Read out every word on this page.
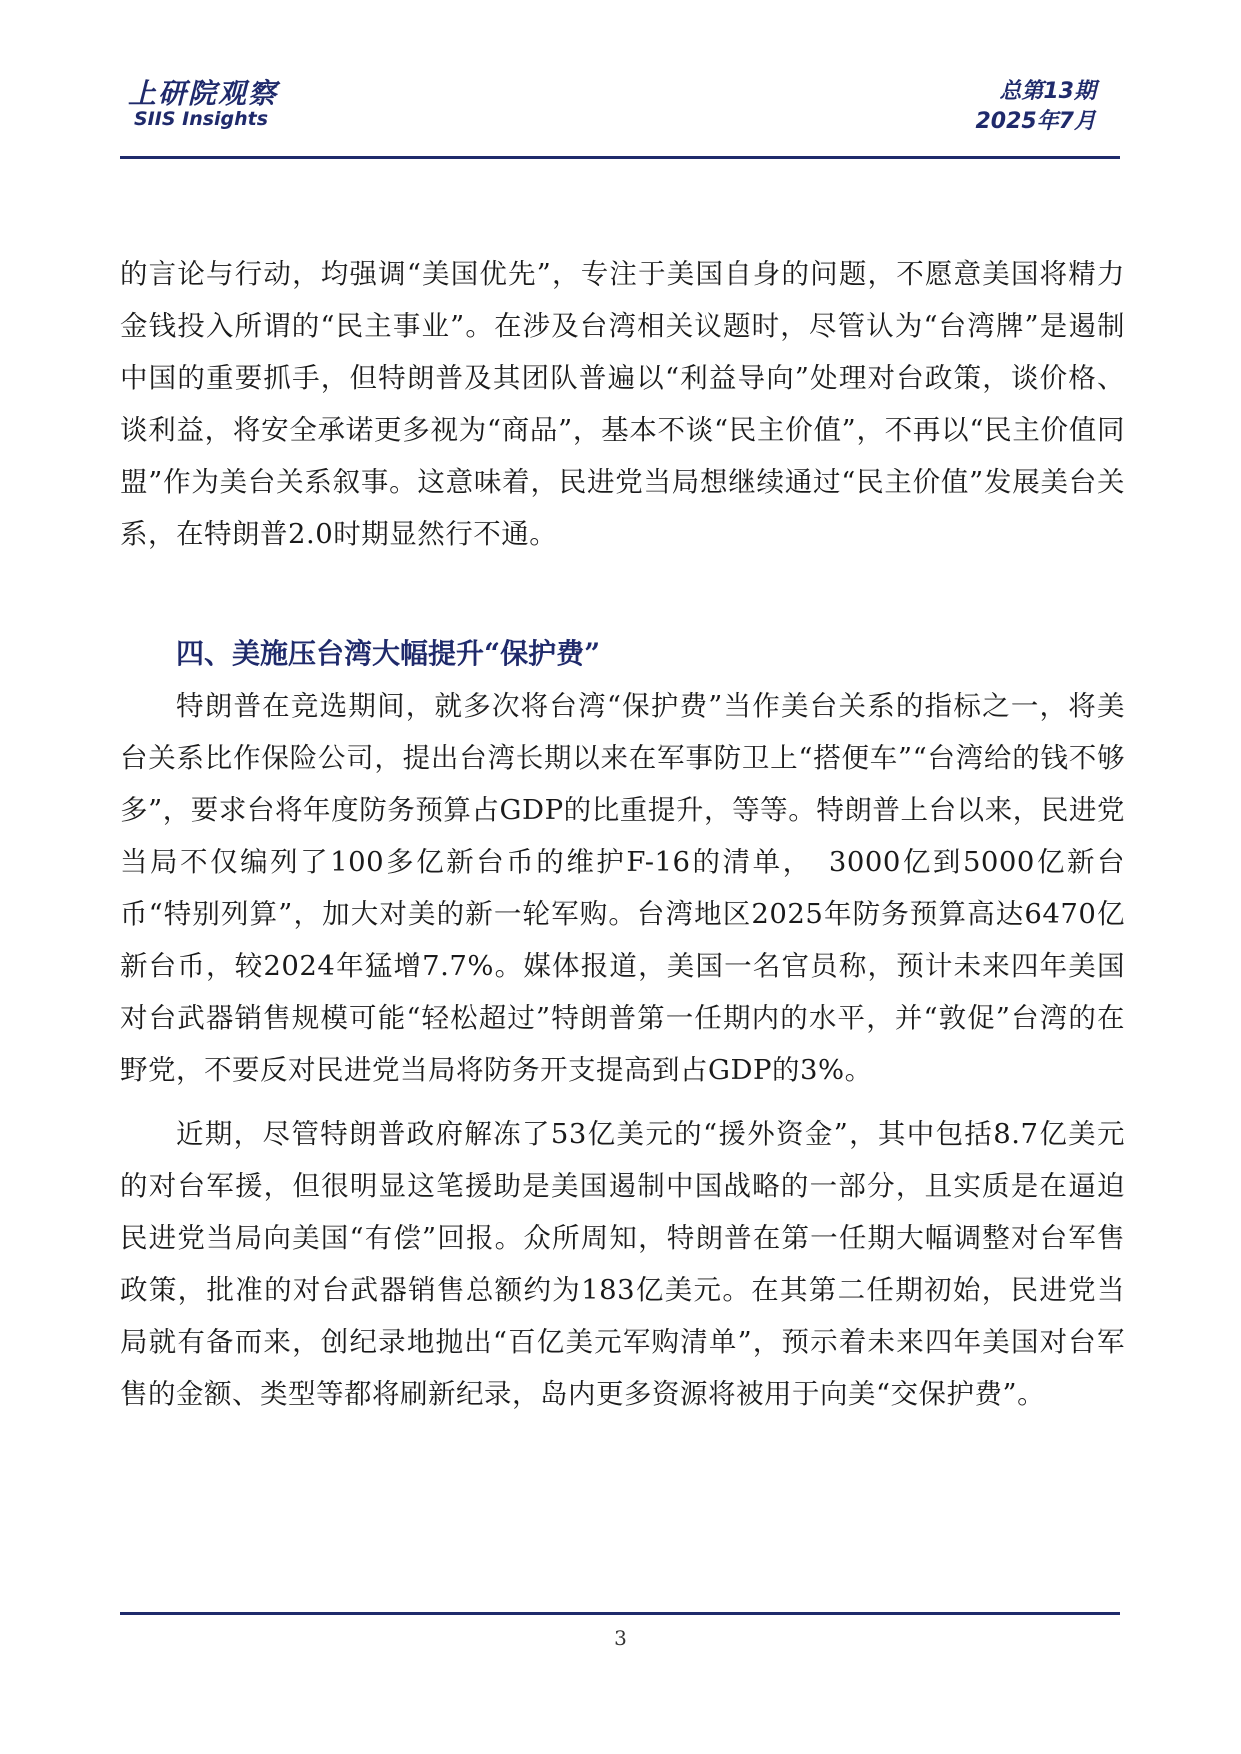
上研院观察
SIIS Insights
总第13期
2025年7月

的言论与行动，均强调“美国优先”，专注于美国自身的问题，不愿意美国将精力金钱投入所谓的“民主事业”。在涉及台湾相关议题时，尽管认为“台湾牌”是遏制中国的重要抓手，但特朗普及其团队普遍以“利益导向”处理对台政策，谈价格、谈利益，将安全承诺更多视为“商品”，基本不谈“民主价值”，不再以“民主价值同盟”作为美台关系叙事。这意味着，民进党当局想继续通过“民主价值”发展美台关系，在特朗普2.0时期显然行不通。

四、美施压台湾大幅提升“保护费”

特朗普在竞选期间，就多次将台湾“保护费”当作美台关系的指标之一，将美台关系比作保险公司，提出台湾长期以来在军事防卫上“搭便车”“台湾给的钱不够多”，要求台将年度防务预算占GDP的比重提升，等等。特朗普上台以来，民进党当局不仅编列了100多亿新台币的维护F-16的清单，　3000亿到5000亿新台币“特别列算”，加大对美的新一轮军购。台湾地区2025年防务预算高达6470亿新台币，较2024年猛增7.7%。媒体报道，美国一名官员称，预计未来四年美国对台武器销售规模可能“轻松超过”特朗普第一任期内的水平，并“敦促”台湾的在野党，不要反对民进党当局将防务开支提高到占GDP的3%。

近期，尽管特朗普政府解冻了53亿美元的“援外资金”，其中包括8.7亿美元的对台军援，但很明显这笔援助是美国遏制中国战略的一部分，且实质是在逼迫民进党当局向美国“有偿”回报。众所周知，特朗普在第一任期大幅调整对台军售政策，批准的对台武器销售总额约为183亿美元。在其第二任期初始，民进党当局就有备而来，创纪录地抛出“百亿美元军购清单”，预示着未来四年美国对台军售的金额、类型等都将刷新纪录，岛内更多资源将被用于向美“交保护费”。

3
